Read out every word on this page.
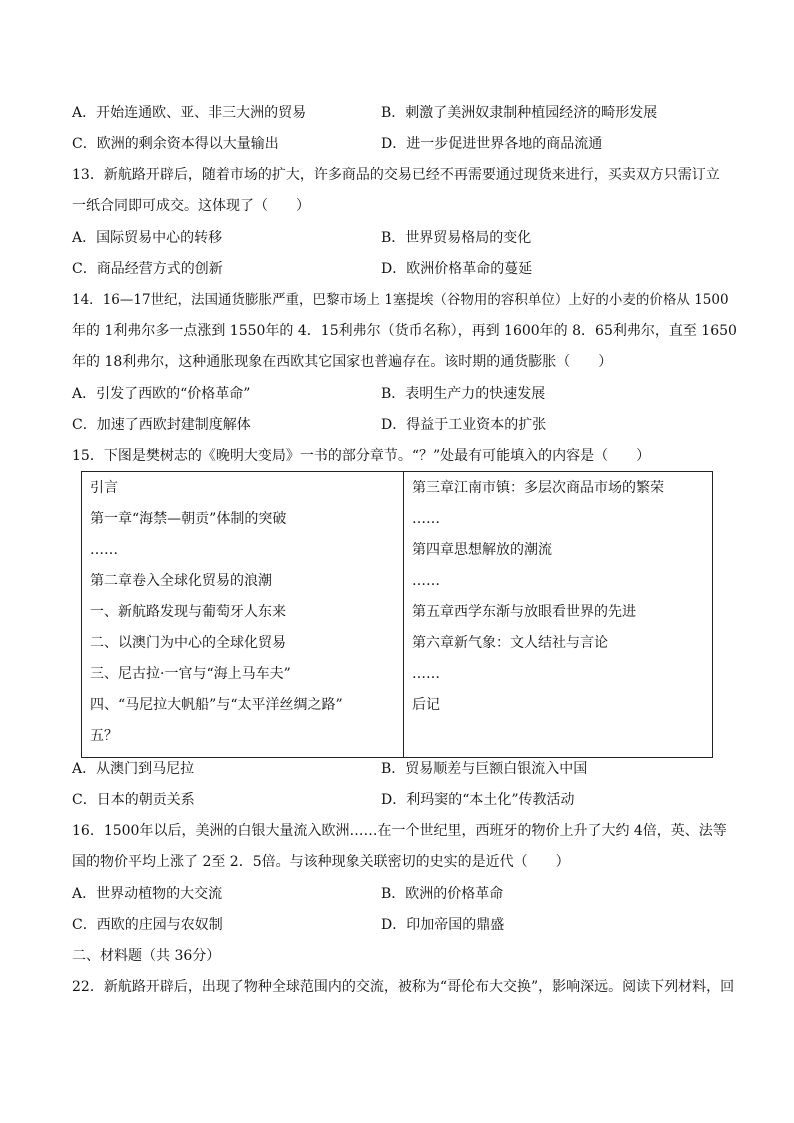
A．开始连通欧、亚、非三大洲的贸易	B．刺激了美洲奴隶制种植园经济的畸形发展
C．欧洲的剩余资本得以大量输出	D．进一步促进世界各地的商品流通
13．新航路开辟后，随着市场的扩大，许多商品的交易已经不再需要通过现货来进行，买卖双方只需订立
一纸合同即可成交。这体现了（　　）
A．国际贸易中心的转移	B．世界贸易格局的变化
C．商品经营方式的创新	D．欧洲价格革命的蔓延
14．16—17世纪，法国通货膨胀严重，巴黎市场上 1塞提埃（谷物用的容积单位）上好的小麦的价格从 1500
年的 1利弗尔多一点涨到 1550年的 4．15利弗尔（货币名称），再到 1600年的 8．65利弗尔，直至 1650
年的 18利弗尔，这种通胀现象在西欧其它国家也普遍存在。该时期的通货膨胀（　　）
A．引发了西欧的“价格革命”	B．表明生产力的快速发展
C．加速了西欧封建制度解体	D．得益于工业资本的扩张
15．下图是樊树志的《晚明大变局》一书的部分章节。“？”处最有可能填入的内容是（　　）
引言
第一章“海禁—朝贡”体制的突破
……
第二章卷入全球化贸易的浪潮
一、新航路发现与葡萄牙人东来
二、以澳门为中心的全球化贸易
三、尼古拉·一官与“海上马车夫”
四、“马尼拉大帆船”与“太平洋丝绸之路”
五？

第三章江南市镇：多层次商品市场的繁荣
……
第四章思想解放的潮流
……
第五章西学东渐与放眼看世界的先进
第六章新气象：文人结社与言论
……
后记
A．从澳门到马尼拉	B．贸易顺差与巨额白银流入中国
C．日本的朝贡关系	D．利玛窦的“本土化”传教活动
16．1500年以后，美洲的白银大量流入欧洲……在一个世纪里，西班牙的物价上升了大约 4倍，英、法等
国的物价平均上涨了 2至 2．5倍。与该种现象关联密切的史实的是近代（　　）
A．世界动植物的大交流	B．欧洲的价格革命
C．西欧的庄园与农奴制	D．印加帝国的鼎盛
二、材料题（共 36分）
22．新航路开辟后，出现了物种全球范围内的交流，被称为“哥伦布大交换”，影响深远。阅读下列材料，回
